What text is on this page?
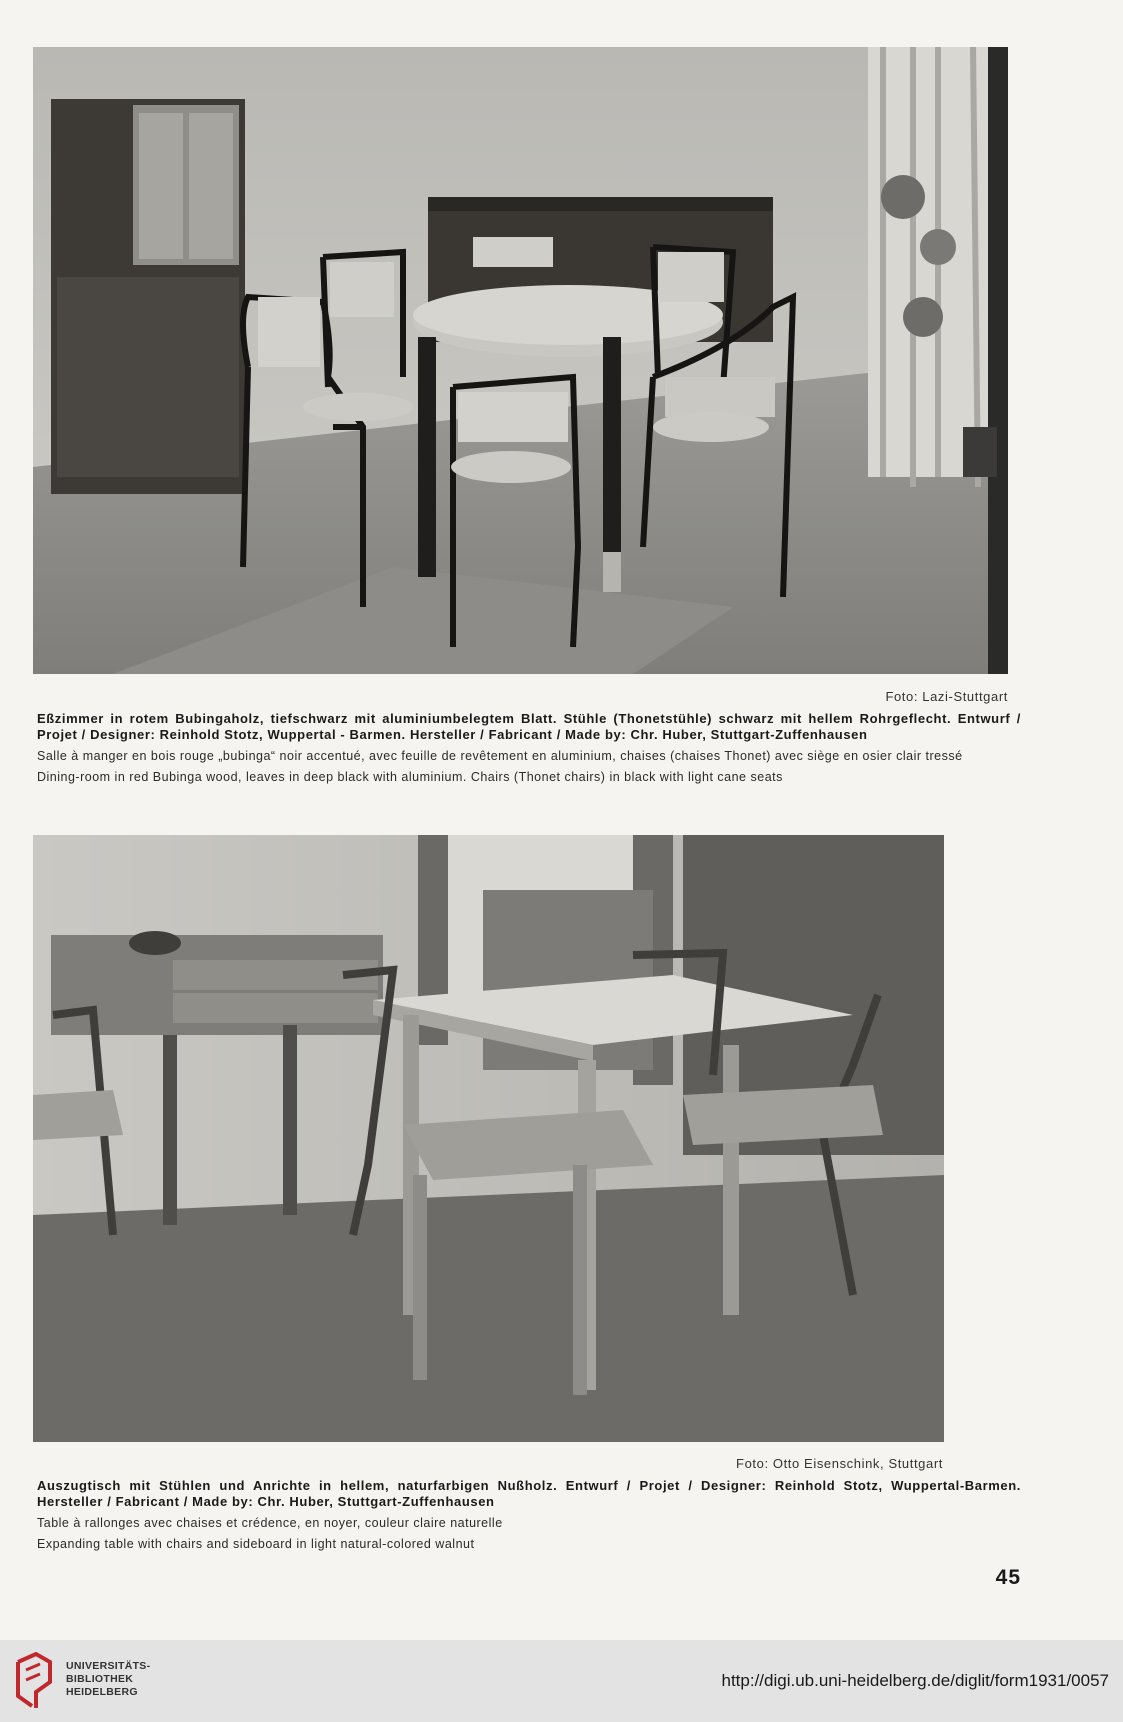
Foto: Lazi-Stuttgart
Eßzimmer in rotem Bubingaholz, tiefschwarz mit aluminiumbelegtem Blatt. Stühle (Thonetstühle) schwarz mit hellem Rohrgeflecht. Entwurf / Projet / Designer: Reinhold Stotz, Wuppertal - Barmen. Hersteller / Fabricant / Made by: Chr. Huber, Stuttgart-Zuffenhausen
Salle à manger en bois rouge „bubinga“ noir accentué, avec feuille de revêtement en aluminium, chaises (chaises Thonet) avec siège en osier clair tressé
Dining-room in red Bubinga wood, leaves in deep black with aluminium. Chairs (Thonet chairs) in black with light cane seats
Foto: Otto Eisenschink, Stuttgart
Auszugtisch mit Stühlen und Anrichte in hellem, naturfarbigen Nußholz. Entwurf / Projet / Designer: Reinhold Stotz, Wuppertal-Barmen. Hersteller / Fabricant / Made by: Chr. Huber, Stuttgart-Zuffenhausen
Table à rallonges avec chaises et crédence, en noyer, couleur claire naturelle
Expanding table with chairs and sideboard in light natural-colored walnut
45
UNIVERSITÄTS-
BIBLIOTHEK
HEIDELBERG
http://digi.ub.uni-heidelberg.de/diglit/form1931/0057
